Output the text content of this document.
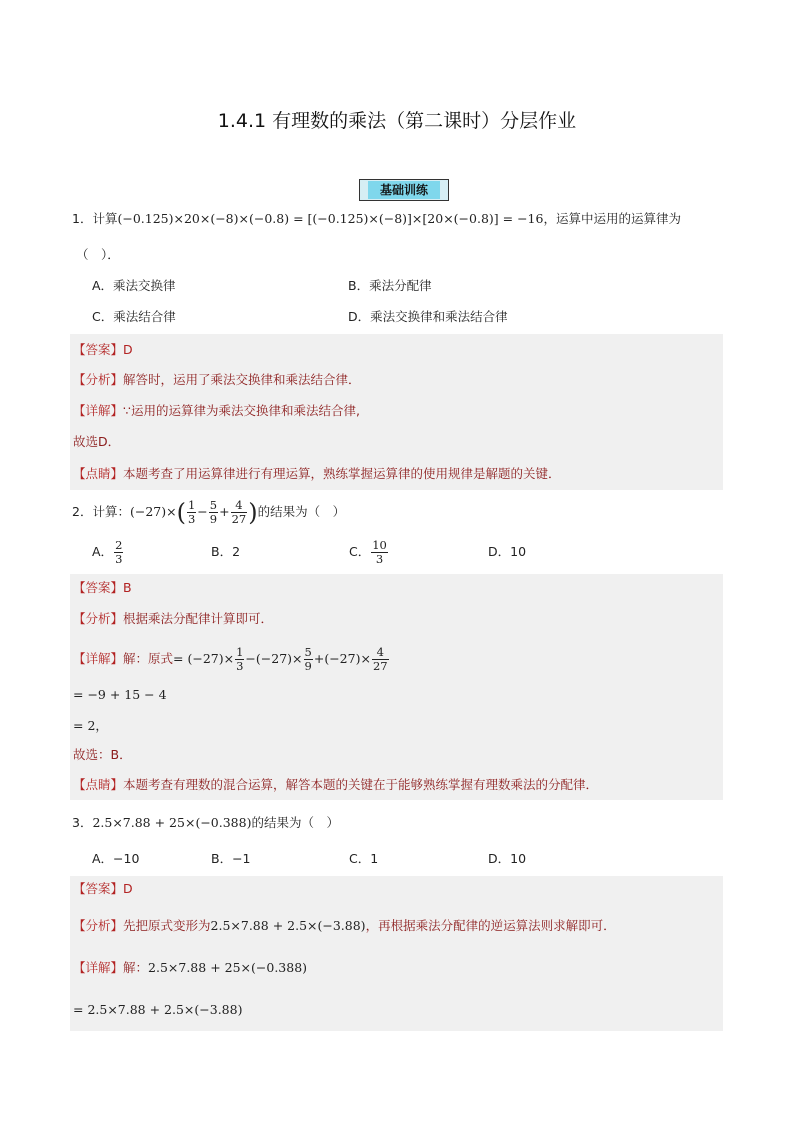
1.4.1 有理数的乘法（第二课时）分层作业
基础训练
1．计算(−0.125)×20×(−8)×(−0.8) = [(−0.125)×(−8)]×[20×(−0.8)] = −16，运算中运用的运算律为
（　）．
A．乘法交换律	B．乘法分配律
C．乘法结合律	D．乘法交换律和乘法结合律
【答案】D
【分析】解答时，运用了乘法交换律和乘法结合律．
【详解】∵运用的运算律为乘法交换律和乘法结合律,
故选D．
【点睛】本题考查了用运算律进行有理运算，熟练掌握运算律的使用规律是解题的关键．
2．计算：$(-27)\times( \frac{1}{3} - \frac{5}{9} + \frac{4}{27}$ )的结果为（　）
A． $\frac{2}{3}$	B．2	C． $\frac{10}{3}$	D．10
【答案】B
【分析】根据乘法分配律计算即可．
【详解】解：原式= $(-27)\times \frac{1}{3} -(-27)\times \frac{5}{9} +(-27)\times \frac{4}{27}$
= −9 + 15 − 4
= 2，
故选：B．
【点睛】本题考查有理数的混合运算，解答本题的关键在于能够熟练掌握有理数乘法的分配律．
3．2.5×7.88 + 25×(−0.388)的结果为（　）
A．−10	B．−1	C．1	D．10
【答案】D
【分析】先把原式变形为2.5×7.88 + 2.5×(−3.88)，再根据乘法分配律的逆运算法则求解即可．
【详解】解：2.5×7.88 + 25×(−0.388)
= 2.5×7.88 + 2.5×(−3.88)
